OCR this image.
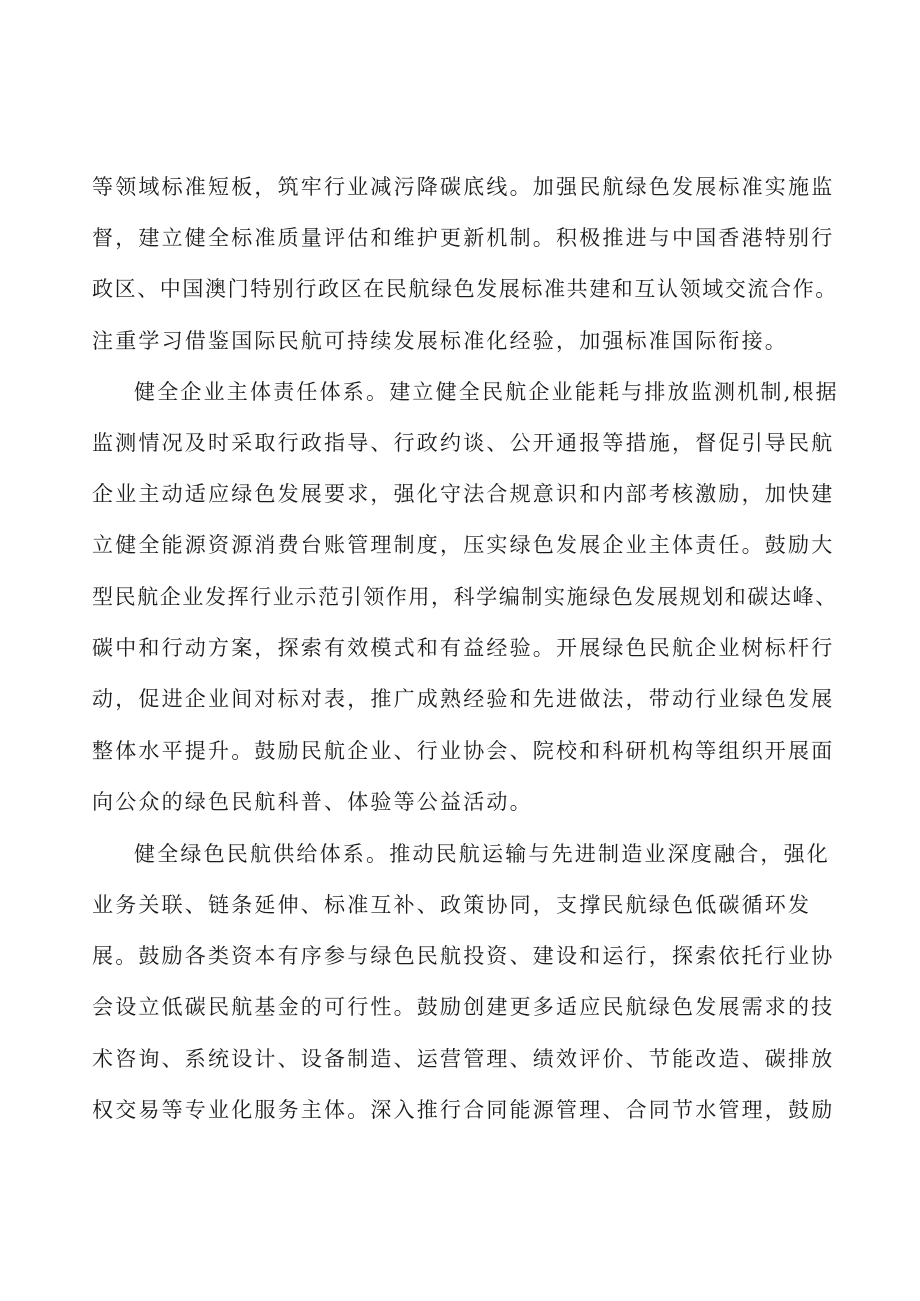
等领域标准短板，筑牢行业减污降碳底线。加强民航绿色发展标准实施监
督，建立健全标准质量评估和维护更新机制。积极推进与中国香港特别行
政区、中国澳门特别行政区在民航绿色发展标准共建和互认领域交流合作。
注重学习借鉴国际民航可持续发展标准化经验，加强标准国际衔接。
健全企业主体责任体系。建立健全民航企业能耗与排放监测机制,根据
监测情况及时采取行政指导、行政约谈、公开通报等措施，督促引导民航
企业主动适应绿色发展要求，强化守法合规意识和内部考核激励，加快建
立健全能源资源消费台账管理制度，压实绿色发展企业主体责任。鼓励大
型民航企业发挥行业示范引领作用，科学编制实施绿色发展规划和碳达峰、
碳中和行动方案，探索有效模式和有益经验。开展绿色民航企业树标杆行
动，促进企业间对标对表，推广成熟经验和先进做法，带动行业绿色发展
整体水平提升。鼓励民航企业、行业协会、院校和科研机构等组织开展面
向公众的绿色民航科普、体验等公益活动。
健全绿色民航供给体系。推动民航运输与先进制造业深度融合，强化
业务关联、链条延伸、标准互补、政策协同，支撑民航绿色低碳循环发
展。鼓励各类资本有序参与绿色民航投资、建设和运行，探索依托行业协
会设立低碳民航基金的可行性。鼓励创建更多适应民航绿色发展需求的技
术咨询、系统设计、设备制造、运营管理、绩效评价、节能改造、碳排放
权交易等专业化服务主体。深入推行合同能源管理、合同节水管理，鼓励
